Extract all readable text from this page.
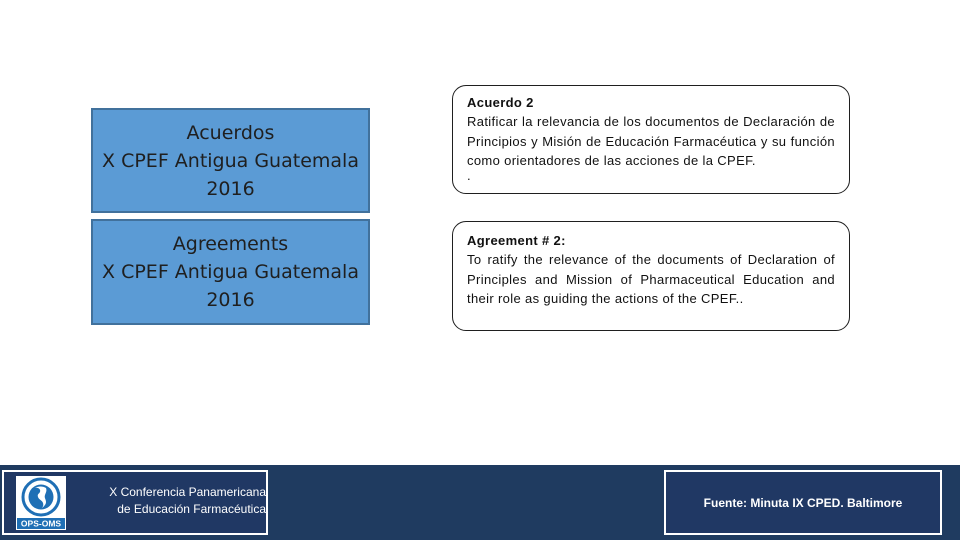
Acuerdos
X CPEF Antigua Guatemala
2016
Agreements
X CPEF Antigua Guatemala
2016
Acuerdo 2
Ratificar la relevancia de los documentos de Declaración de Principios y Misión de Educación Farmacéutica y su función como orientadores de las acciones de la CPEF.
.
Agreement # 2:
To ratify the relevance of the documents of Declaration of Principles and Mission of Pharmaceutical Education and their role as guiding the actions of the CPEF..
OPS-OMS
X Conferencia Panamericana
de Educación Farmacéutica	Fuente: Minuta IX CPED. Baltimore
